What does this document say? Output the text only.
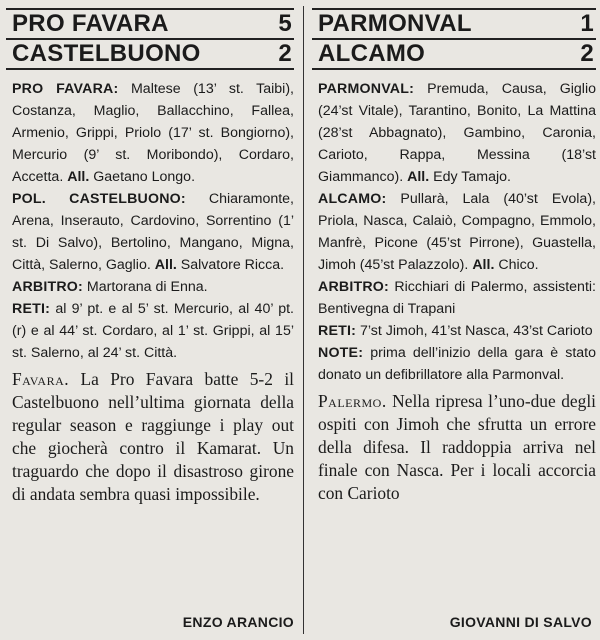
PRO FAVARA	5
CASTELBUONO	2

PRO FAVARA: Maltese (13’ st. Taibi), Costanza, Maglio, Ballacchino, Fallea, Armenio, Grippi, Priolo (17’ st. Bongiorno), Mercurio (9’ st. Moribondo), Cordaro, Accetta. All. Gaetano Longo.

POL. CASTELBUONO: Chiaramonte, Arena, Inserauto, Cardovino, Sorrentino (1’ st. Di Salvo), Bertolino, Mangano, Migna, Città, Salerno, Gaglio. All. Salvatore Ricca.

ARBITRO: Martorana di Enna.

RETI: al 9’ pt. e al 5’ st. Mercurio, al 40’ pt. (r) e al 44’ st. Cordaro, al 1’ st. Grippi, al 15’ st. Salerno, al 24’ st. Città.

Favara. La Pro Favara batte 5-2 il Castelbuono nell’ultima giornata della regular season e raggiunge i play out che giocherà contro il Kamarat. Un traguardo che dopo il disastroso girone di andata sembra quasi impossibile.

ENZO ARANCIO
PARMONVAL	1
ALCAMO	2

PARMONVAL: Premuda, Causa, Giglio (24’st Vitale), Tarantino, Bonito, La Mattina (28’st Abbagnato), Gambino, Caronia, Carioto, Rappa, Messina (18’st Giammanco). All. Edy Tamajo.

ALCAMO: Pullarà, Lala (40’st Evola), Priola, Nasca, Calaiò, Compagno, Emmolo, Manfrè, Picone (45’st Pirrone), Guastella, Jimoh (45’st Palazzolo). All. Chico.

ARBITRO: Ricchiari di Palermo, assistenti: Bentivegna di Trapani

RETI: 7’st Jimoh, 41’st Nasca, 43’st Carioto

NOTE: prima dell’inizio della gara è stato donato un defibrillatore alla Parmonval.

Palermo. Nella ripresa l’uno-due degli ospiti con Jimoh che sfrutta un errore della difesa. Il raddoppia arriva nel finale con Nasca. Per i locali accorcia con Carioto

GIOVANNI DI SALVO
